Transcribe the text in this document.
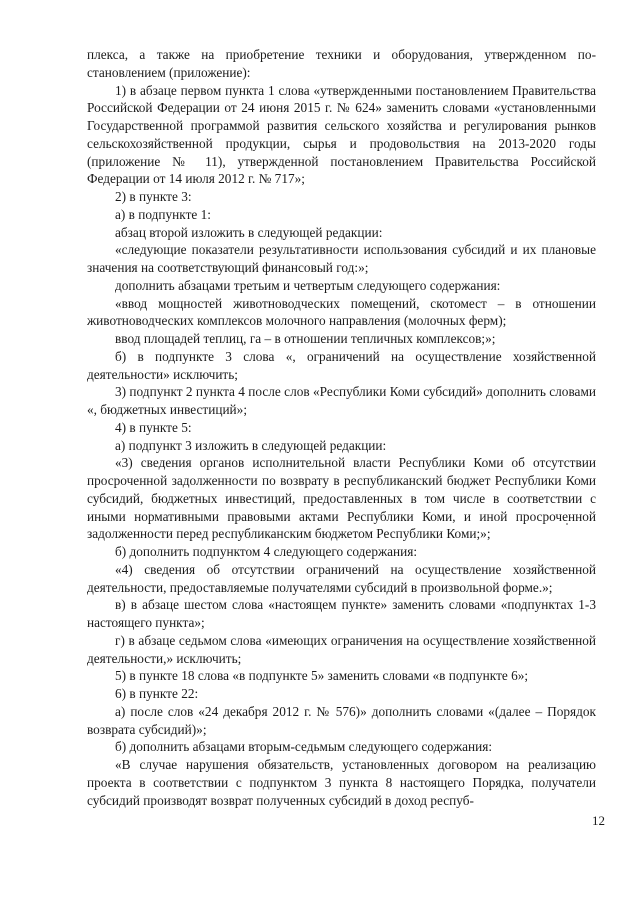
плекса, а также на приобретение техники и оборудования, утвержденном постановлением (приложение):

1) в абзаце первом пункта 1 слова «утвержденными постановлением Правительства Российской Федерации от 24 июня 2015 г. № 624» заменить словами «установленными Государственной программой развития сельского хозяйства и регулирования рынков сельскохозяйственной продукции, сырья и продовольствия на 2013-2020 годы (приложение № 11), утвержденной постановлением Правительства Российской Федерации от 14 июля 2012 г. № 717»;

2) в пункте 3:

а) в подпункте 1:

абзац второй изложить в следующей редакции:

«следующие показатели результативности использования субсидий и их плановые значения на соответствующий финансовый год:»;

дополнить абзацами третьим и четвертым следующего содержания:

«ввод мощностей животноводческих помещений, скотомест – в отношении животноводческих комплексов молочного направления (молочных ферм);

ввод площадей теплиц, га – в отношении тепличных комплексов;»;

б) в подпункте 3 слова «, ограничений на осуществление хозяйственной деятельности» исключить;

3) подпункт 2 пункта 4 после слов «Республики Коми субсидий» дополнить словами «, бюджетных инвестиций»;

4) в пункте 5:

а) подпункт 3 изложить в следующей редакции:

«3) сведения органов исполнительной власти Республики Коми об отсутствии просроченной задолженности по возврату в республиканский бюджет Республики Коми субсидий, бюджетных инвестиций, предоставленных в том числе в соответствии с иными нормативными правовыми актами Республики Коми, и иной просроченной задолженности перед республиканским бюджетом Республики Коми;»;

б) дополнить подпунктом 4 следующего содержания:

«4) сведения об отсутствии ограничений на осуществление хозяйственной деятельности, предоставляемые получателями субсидий в произвольной форме.»;

в) в абзаце шестом слова «настоящем пункте» заменить словами «подпунктах 1-3 настоящего пункта»;

г) в абзаце седьмом слова «имеющих ограничения на осуществление хозяйственной деятельности,» исключить;

5) в пункте 18 слова «в подпункте 5» заменить словами «в подпункте 6»;

6) в пункте 22:

а) после слов «24 декабря 2012 г. № 576)» дополнить словами «(далее – Порядок возврата субсидий)»;

б) дополнить абзацами вторым-седьмым следующего содержания:

«В случае нарушения обязательств, установленных договором на реализацию проекта в соответствии с подпунктом 3 пункта 8 настоящего Порядка, получатели субсидий производят возврат полученных субсидий в доход респуб-

12
